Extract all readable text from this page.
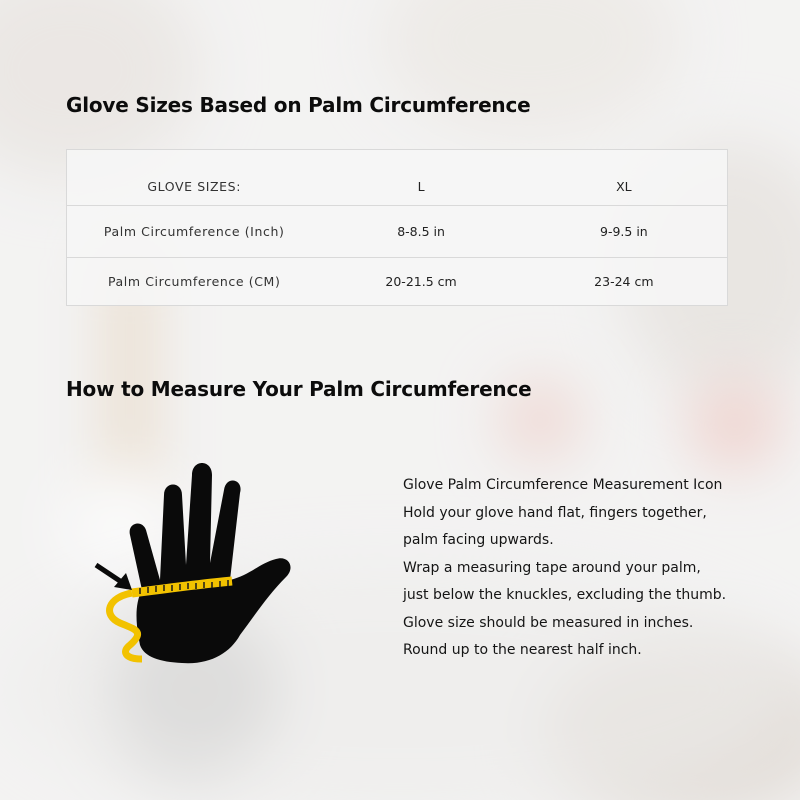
Glove Sizes Based on Palm Circumference
GLOVE SIZES:	L	XL
Palm Circumference (Inch)	8-8.5 in	9-9.5 in
Palm Circumference (CM)	20-21.5 cm	23-24 cm
How to Measure Your Palm Circumference
Glove Palm Circumference Measurement Icon
Hold your glove hand flat, fingers together,
palm facing upwards.
Wrap a measuring tape around your palm,
just below the knuckles, excluding the thumb.
Glove size should be measured in inches.
Round up to the nearest half inch.
